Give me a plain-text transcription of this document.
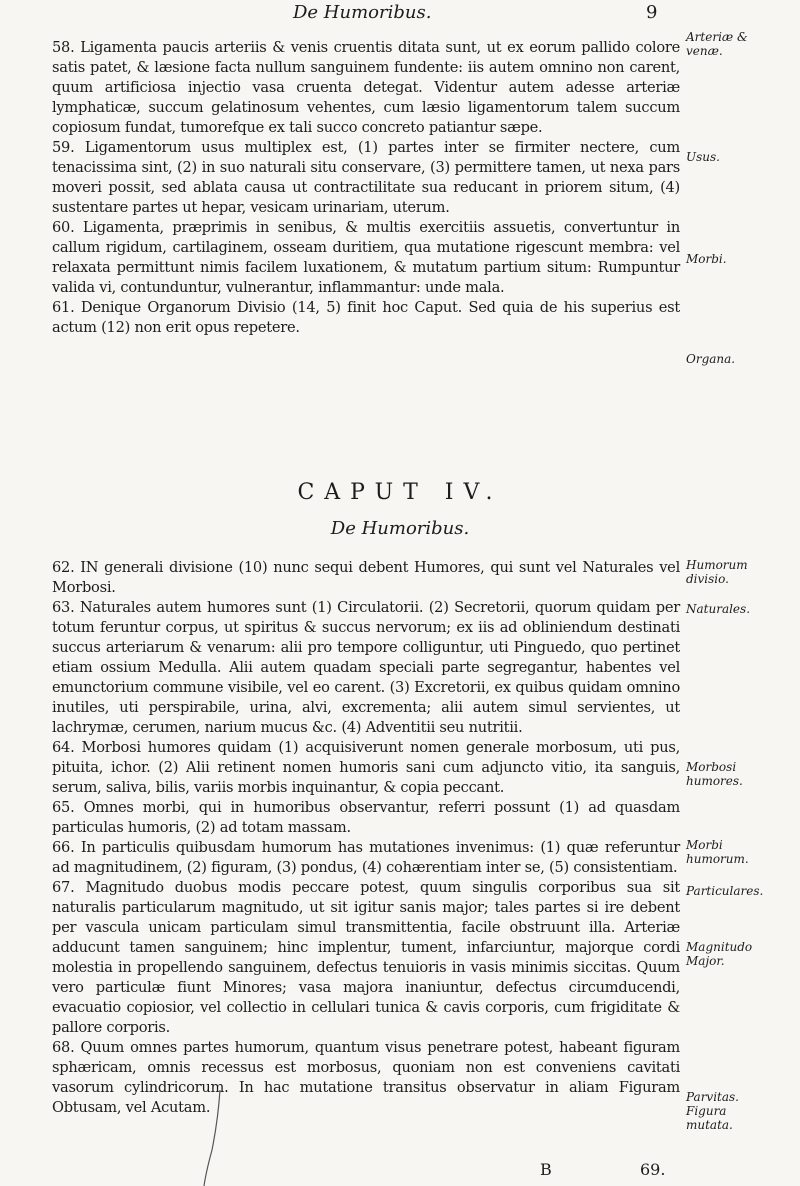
De Humoribus.	9

58. Ligamenta paucis arteriis & venis cruentis ditata sunt, ut ex eorum pallido colore satis patet, & læsione facta nullum sanguinem fundente: iis autem omnino non carent, quum artificiosa injectio vasa cruenta detegat. Videntur autem adesse arteriæ lymphaticæ, succum gelatinosum vehentes, cum læsio ligamentorum talem succum copiosum fundat, tumorefque ex tali succo concreto patiantur sæpe.

59. Ligamentorum usus multiplex est, (1) partes inter se firmiter nectere, cum tenacissima sint, (2) in suo naturali situ conservare, (3) permittere tamen, ut nexa pars moveri possit, sed ablata causa ut contractilitate sua reducant in priorem situm, (4) sustentare partes ut hepar, vesicam urinariam, uterum.

60. Ligamenta, præprimis in senibus, & multis exercitiis assuetis, convertuntur in callum rigidum, cartilaginem, osseam duritiem, qua mutatione rigescunt membra: vel relaxata permittunt nimis facilem luxationem, & mutatum partium situm: Rumpuntur valida vi, contunduntur, vulnerantur, inflammantur: unde mala.

61. Denique Organorum Divisio (14, 5) finit hoc Caput. Sed quia de his superius est actum (12) non erit opus repetere.

CAPUT IV.
De Humoribus.

62. IN generali divisione (10) nunc sequi debent Humores, qui sunt vel Naturales vel Morbosi.

63. Naturales autem humores sunt (1) Circulatorii. (2) Secretorii, quorum quidam per totum feruntur corpus, ut spiritus & succus nervorum; ex iis ad obliniendum destinati succus arteriarum & venarum: alii pro tempore colliguntur, uti Pinguedo, quo pertinet etiam ossium Medulla. Alii autem quadam speciali parte segregantur, habentes vel emunctorium commune visibile, vel eo carent. (3) Excretorii, ex quibus quidam omnino inutiles, uti perspirabile, urina, alvi, excrementa; alii autem simul servientes, ut lachrymæ, cerumen, narium mucus &c. (4) Adventitii seu nutritii.

64. Morbosi humores quidam (1) acquisiverunt nomen generale morbosum, uti pus, pituita, ichor. (2) Alii retinent nomen humoris sani cum adjuncto vitio, ita sanguis, serum, saliva, bilis, variis morbis inquinantur, & copia peccant.

65. Omnes morbi, qui in humoribus observantur, referri possunt (1) ad quasdam particulas humoris, (2) ad totam massam.

66. In particulis quibusdam humorum has mutationes invenimus: (1) quæ referuntur ad magnitudinem, (2) figuram, (3) pondus, (4) cohærentiam inter se, (5) consistentiam.

67. Magnitudo duobus modis peccare potest, quum singulis corporibus sua sit naturalis particularum magnitudo, ut sit igitur sanis major; tales partes si ire debent per vasculа unicam particulam simul transmittentia, facile obstruunt illa. Arteriæ adducunt tamen sanguinem; hinc implentur, tument, infarciuntur, majorque cordi molestia in propellendo sanguinem, defectus tenuioris in vasis minimis siccitas. Quum vero particulæ fiunt Minores; vasa majora inaniuntur, defectus circumducendi, evacuatio copiosior, vel collectio in cellulari tunica & cavis corporis, cum frigiditate & pallore corporis.

68. Quum omnes partes humorum, quantum visus penetrare potest, habeant figuram sphæricam, omnis recessus est morbosus, quoniam non est conveniens cavitati vasorum cylindricorum. In hac mutatione transitus observatur in aliam Figuram Obtusam, vel Acutam.

Arteriæ & venæ.
Usus.
Morbi.
Organa.
Humorum divisio.
Naturales.
Morbosi humores.
Morbi humorum.
Particulares.
Magnitudo Major.
Parvitas. Figura mutata.
B	69.
